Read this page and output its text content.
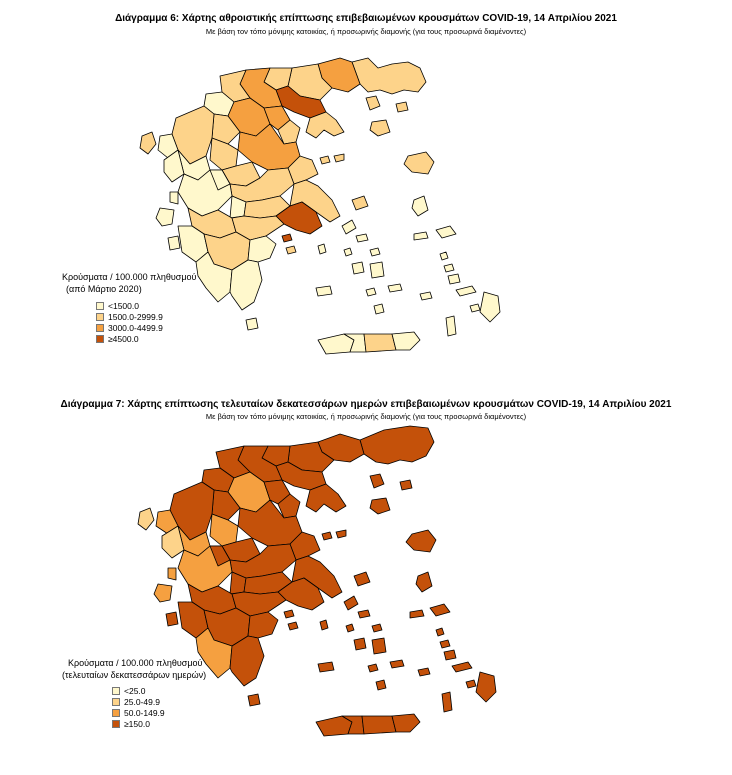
Διάγραμμα 6: Χάρτης αθροιστικής επίπτωσης επιβεβαιωμένων κρουσμάτων COVID-19, 14 Απριλίου 2021
Με βάση τον τόπο μόνιμης κατοικίας, ή προσωρινής διαμονής (για τους προσωρινά διαμένοντες)
Κρούσματα / 100.000 πληθυσμού
(από Μάρτιο 2020)
<1500.0
1500.0-2999.9
3000.0-4499.9
≥4500.0
Διάγραμμα 7: Χάρτης επίπτωσης τελευταίων δεκατεσσάρων ημερών επιβεβαιωμένων κρουσμάτων COVID-19, 14 Απριλίου 2021
Με βάση τον τόπο μόνιμης κατοικίας, ή προσωρινής διαμονής (για τους προσωρινά διαμένοντες)
Κρούσματα / 100.000 πληθυσμού
(τελευταίων δεκατεσσάρων ημερών)
<25.0
25.0-49.9
50.0-149.9
≥150.0
